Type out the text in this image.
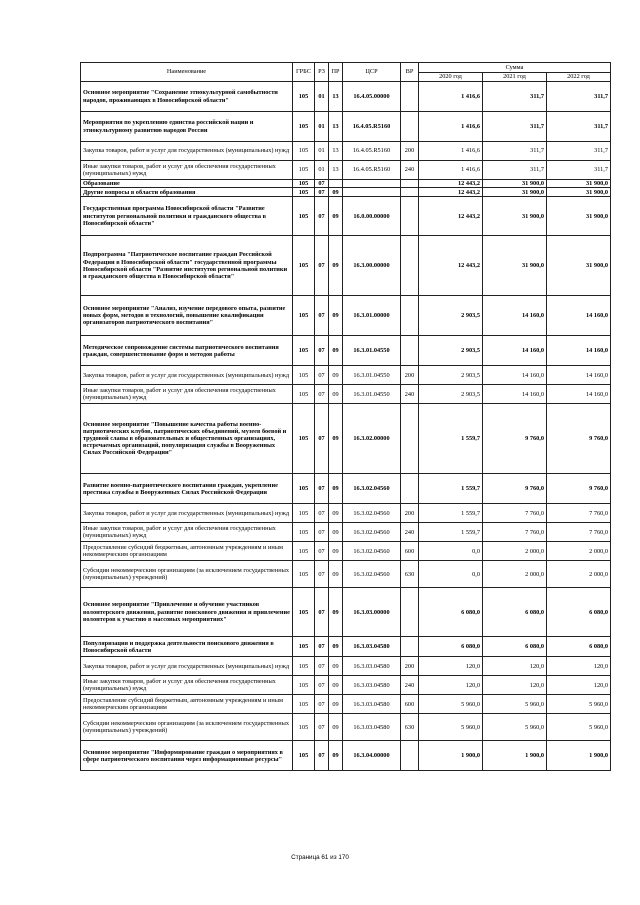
Наименование	ГРБС	РЗ	ПР	ЦСР	ВР	Сумма		
						2020 год	2021 год	2022 год
Основное мероприятие "Сохранение этнокультурной самобытности народов, проживающих в Новосибирской области"	105	01	13	16.4.05.00000		1 416,6	311,7	311,7
Мероприятия по укреплению единства российской нации и этнокультурному развитию народов России	105	01	13	16.4.05.R5160		1 416,6	311,7	311,7
Закупка товаров, работ и услуг для государственных (муниципальных) нужд	105	01	13	16.4.05.R5160	200	1 416,6	311,7	311,7
Иные закупки товаров, работ и услуг для обеспечения государственных (муниципальных) нужд	105	01	13	16.4.05.R5160	240	1 416,6	311,7	311,7
Образование	105	07				12 443,2	31 900,0	31 900,0
Другие вопросы в области образования	105	07	09			12 443,2	31 900,0	31 900,0
Государственная программа Новосибирской области "Развитие институтов региональной политики и гражданского общества в Новосибирской области"	105	07	09	16.0.00.00000		12 443,2	31 900,0	31 900,0
Подпрограмма "Патриотическое воспитание граждан Российской Федерации в Новосибирской области" государственной программы Новосибирской области "Развитие институтов региональной политики и гражданского общества в Новосибирской области"	105	07	09	16.3.00.00000		12 443,2	31 900,0	31 900,0
Основное мероприятие "Анализ, изучение передового опыта, развитие новых форм, методов и технологий, повышение квалификации организаторов патриотического воспитания"	105	07	09	16.3.01.00000		2 903,5	14 160,0	14 160,0
Методическое сопровождение системы патриотического воспитания граждан, совершенствование форм и методов работы	105	07	09	16.3.01.04550		2 903,5	14 160,0	14 160,0
Закупка товаров, работ и услуг для государственных (муниципальных) нужд	105	07	09	16.3.01.04550	200	2 903,5	14 160,0	14 160,0
Иные закупки товаров, работ и услуг для обеспечения государственных (муниципальных) нужд	105	07	09	16.3.01.04550	240	2 903,5	14 160,0	14 160,0
Основное мероприятие "Повышение качества работы военно-патриотических клубов, патриотических объединений, музеев боевой и трудовой славы в образовательных и общественных организациях, встречаемых организаций, популяризация службы в Вооруженных Силах Российской Федерации"	105	07	09	16.3.02.00000		1 559,7	9 760,0	9 760,0
Развитие военно-патриотического воспитания граждан, укрепление престижа службы в Вооруженных Силах Российской Федерации	105	07	09	16.3.02.04560		1 559,7	9 760,0	9 760,0
Закупка товаров, работ и услуг для государственных (муниципальных) нужд	105	07	09	16.3.02.04560	200	1 559,7	7 760,0	7 760,0
Иные закупки товаров, работ и услуг для обеспечения государственных (муниципальных) нужд	105	07	09	16.3.02.04560	240	1 559,7	7 760,0	7 760,0
Предоставление субсидий бюджетным, автономным учреждениям и иным некоммерческим организациям	105	07	09	16.3.02.04560	600	0,0	2 000,0	2 000,0
Субсидии некоммерческим организациям (за исключением государственных (муниципальных) учреждений)	105	07	09	16.3.02.04560	630	0,0	2 000,0	2 000,0
Основное мероприятие "Привлечение и обучение участников волонтерского движения, развитие поискового движения и привлечение волонтеров к участию в массовых мероприятиях"	105	07	09	16.3.03.00000		6 080,0	6 080,0	6 080,0
Популяризация и поддержка деятельности поискового движения в Новосибирской области	105	07	09	16.3.03.04580		6 080,0	6 080,0	6 080,0
Закупка товаров, работ и услуг для государственных (муниципальных) нужд	105	07	09	16.3.03.04580	200	120,0	120,0	120,0
Иные закупки товаров, работ и услуг для обеспечения государственных (муниципальных) нужд	105	07	09	16.3.03.04580	240	120,0	120,0	120,0
Предоставление субсидий бюджетным, автономным учреждениям и иным некоммерческим организациям	105	07	09	16.3.03.04580	600	5 960,0	5 960,0	5 960,0
Субсидии некоммерческим организациям (за исключением государственных (муниципальных) учреждений)	105	07	09	16.3.03.04580	630	5 960,0	5 960,0	5 960,0
Основное мероприятие "Информирование граждан о мероприятиях в сфере патриотического воспитания через информационные ресурсы"	105	07	09	16.3.04.00000		1 900,0	1 900,0	1 900,0
Страница 61 из 170
